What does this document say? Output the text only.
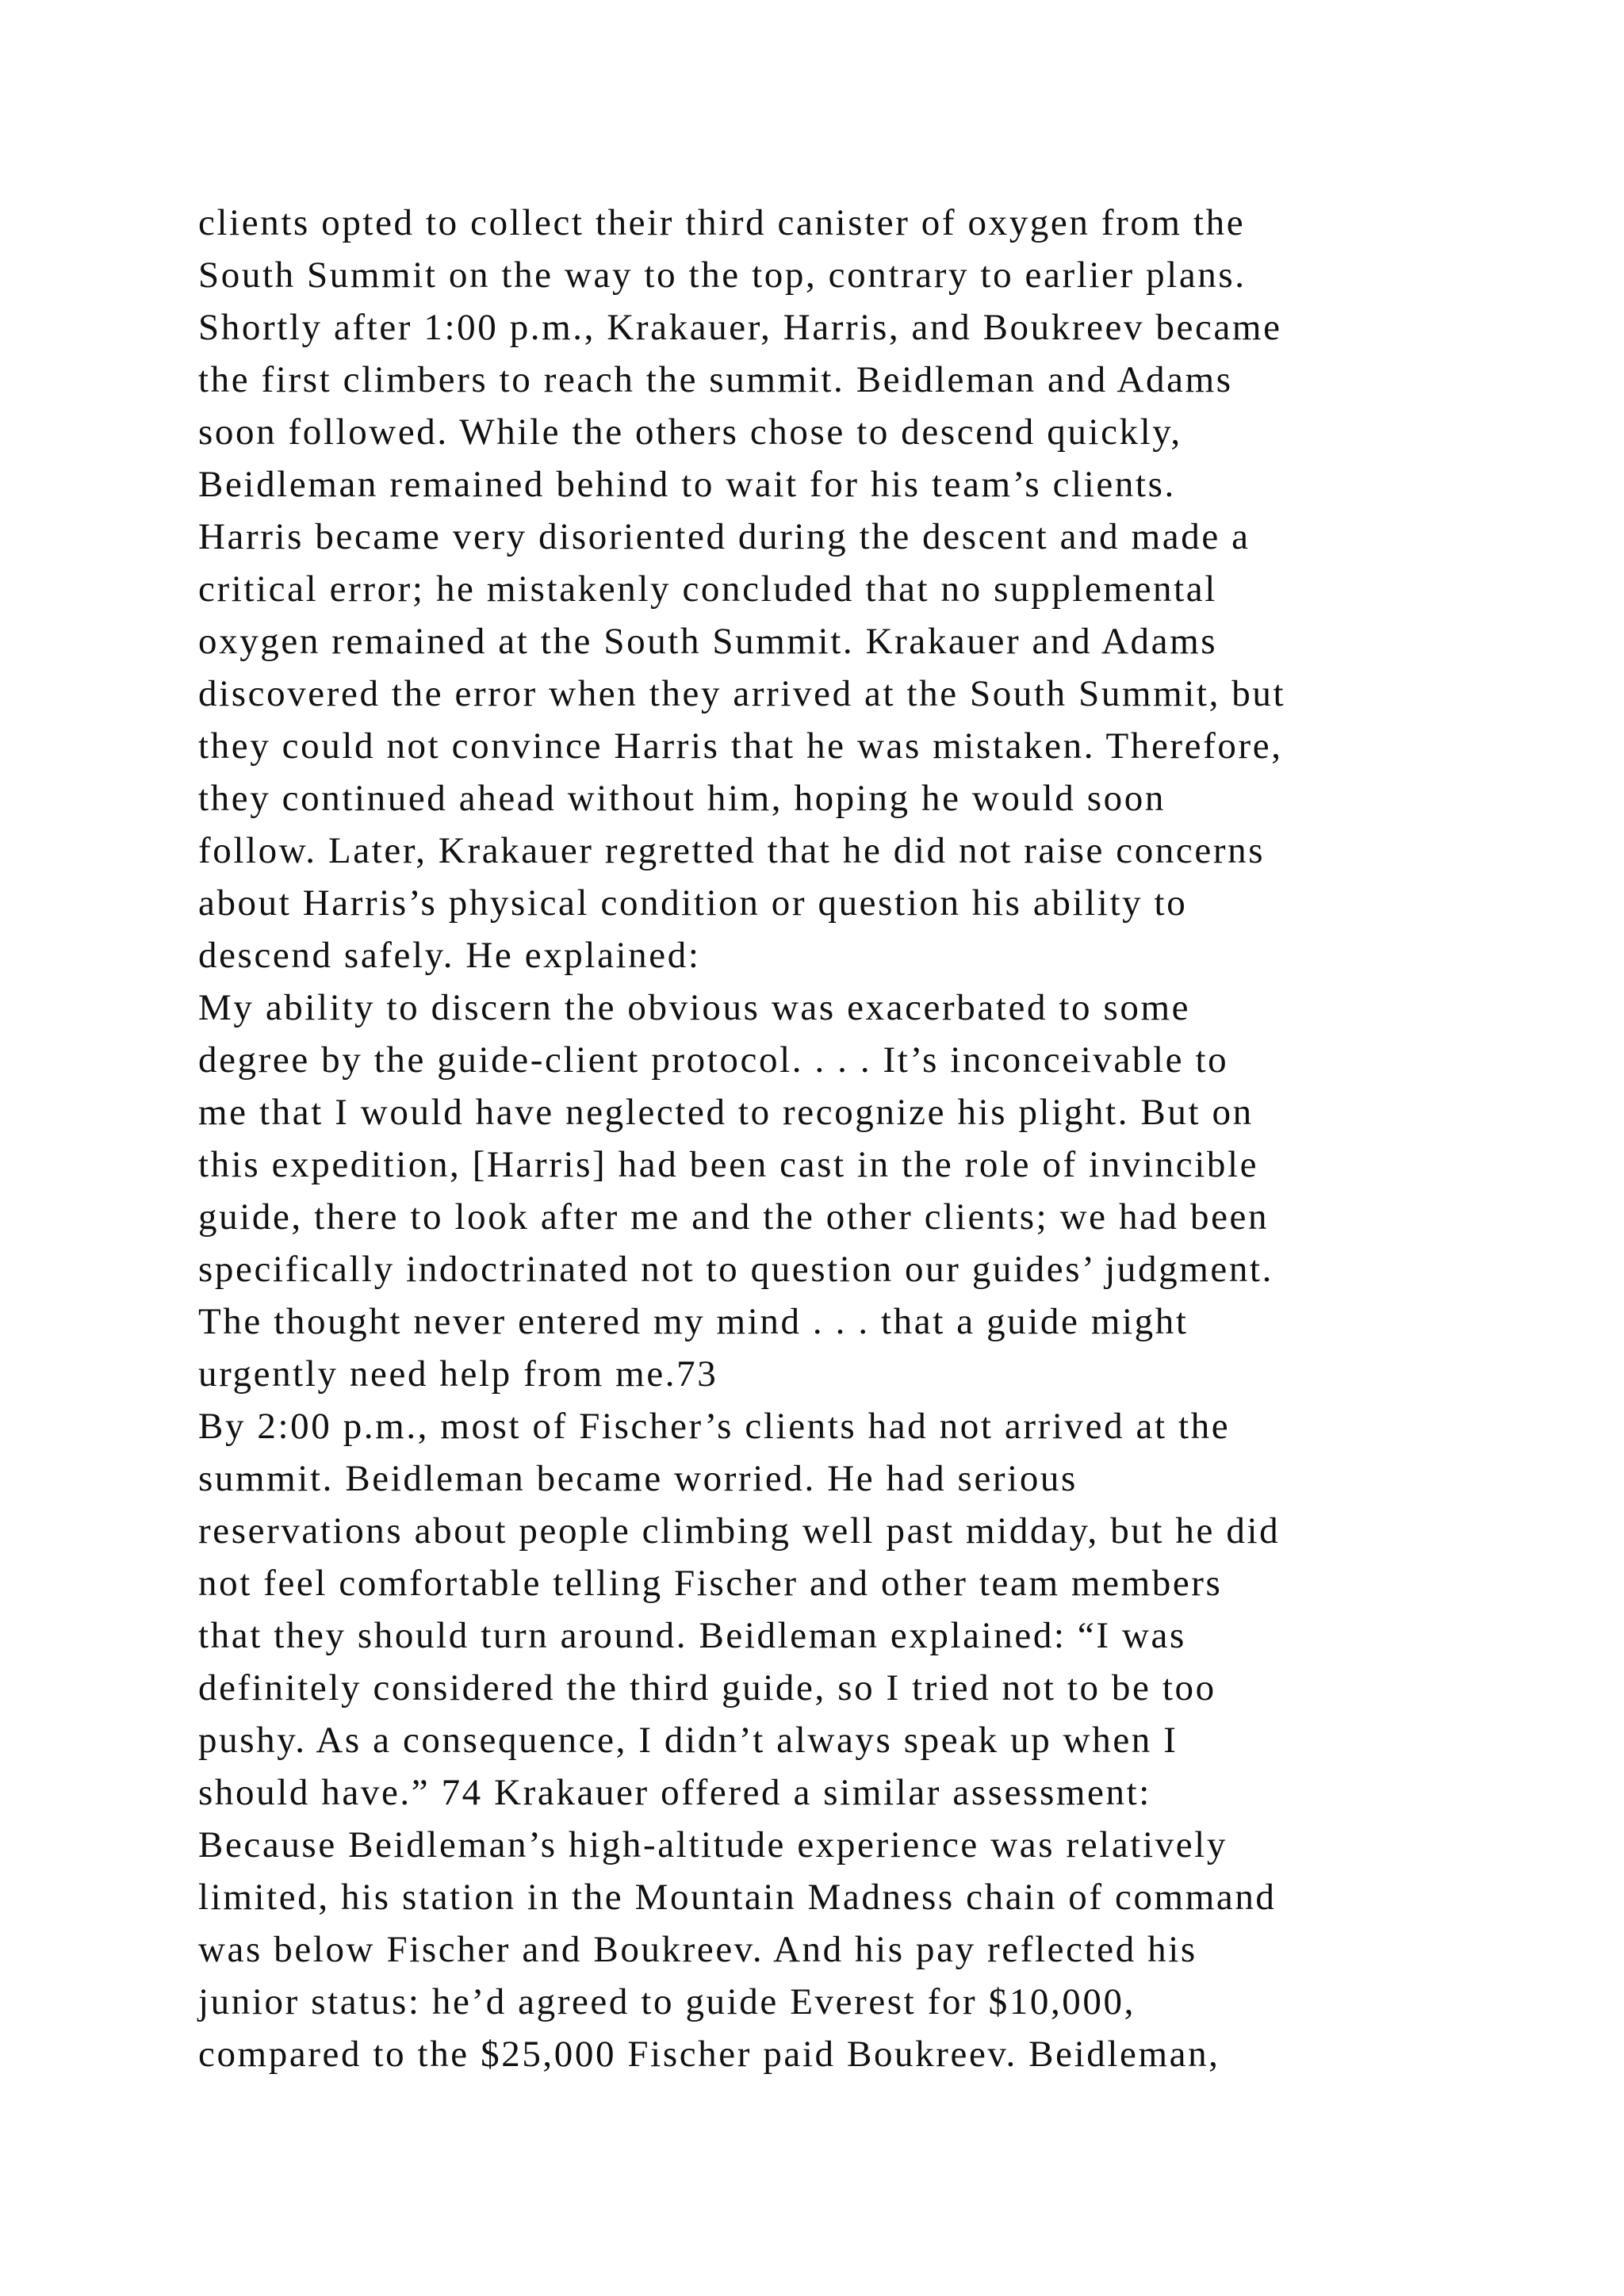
clients opted to collect their third canister of oxygen from the
South Summit on the way to the top, contrary to earlier plans.
Shortly after 1:00 p.m., Krakauer, Harris, and Boukreev became
the first climbers to reach the summit. Beidleman and Adams
soon followed. While the others chose to descend quickly,
Beidleman remained behind to wait for his team’s clients.
Harris became very disoriented during the descent and made a
critical error; he mistakenly concluded that no supplemental
oxygen remained at the South Summit. Krakauer and Adams
discovered the error when they arrived at the South Summit, but
they could not convince Harris that he was mistaken. Therefore,
they continued ahead without him, hoping he would soon
follow. Later, Krakauer regretted that he did not raise concerns
about Harris’s physical condition or question his ability to
descend safely. He explained:
My ability to discern the obvious was exacerbated to some
degree by the guide-client protocol. . . . It’s inconceivable to
me that I would have neglected to recognize his plight. But on
this expedition, [Harris] had been cast in the role of invincible
guide, there to look after me and the other clients; we had been
specifically indoctrinated not to question our guides’ judgment.
The thought never entered my mind . . . that a guide might
urgently need help from me.73
By 2:00 p.m., most of Fischer’s clients had not arrived at the
summit. Beidleman became worried. He had serious
reservations about people climbing well past midday, but he did
not feel comfortable telling Fischer and other team members
that they should turn around. Beidleman explained: “I was
definitely considered the third guide, so I tried not to be too
pushy. As a consequence, I didn’t always speak up when I
should have.” 74 Krakauer offered a similar assessment:
Because Beidleman’s high-altitude experience was relatively
limited, his station in the Mountain Madness chain of command
was below Fischer and Boukreev. And his pay reflected his
junior status: he’d agreed to guide Everest for $10,000,
compared to the $25,000 Fischer paid Boukreev. Beidleman,
